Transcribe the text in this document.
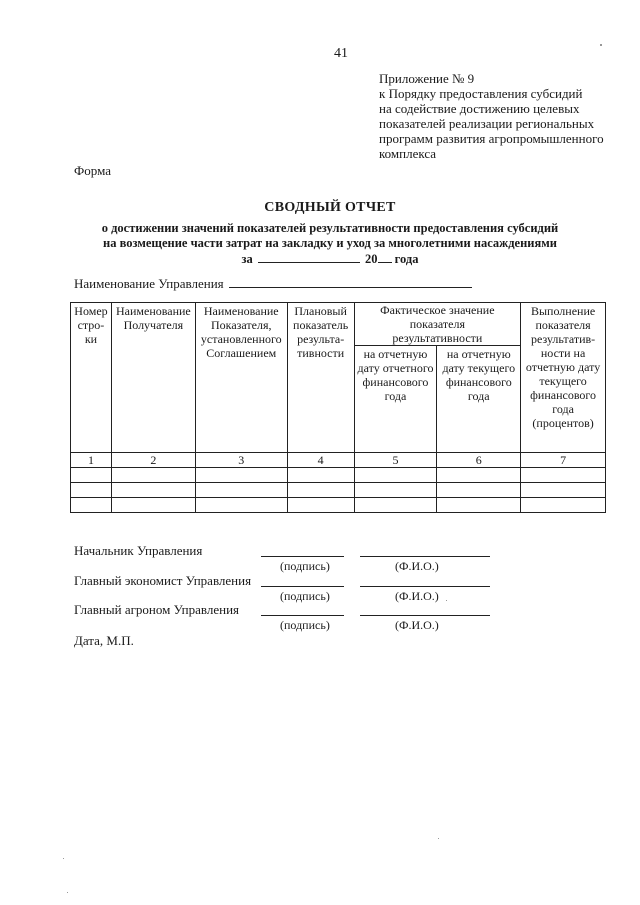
41
Приложение № 9
к Порядку предоставления субсидий
на содействие достижению целевых
показателей реализации региональных
программ развития агропромышленного
комплекса
Форма
СВОДНЫЙ ОТЧЕТ
о достижении значений показателей результативности предоставления субсидий
на возмещение части затрат на закладку и уход за многолетними насаждениями
за	20 года
Наименование Управления
Номер стро-ки	Наименование Получателя	Наименование Показателя, установленного Соглашением	Плановый показатель результа-тивности	Фактическое значение показателя результативности		Выполнение показателя результатив-ности на отчетную дату текущего финансового года (процентов)
				на отчетную дату отчетного финансового года	на отчетную дату текущего финансового года	
1	2	3	4	5	6	7

Начальник Управления
(подпись)	(Ф.И.О.)
Главный экономист Управления
(подпись)	(Ф.И.О.)
Главный агроном Управления
(подпись)	(Ф.И.О.)
Дата, М.П.
